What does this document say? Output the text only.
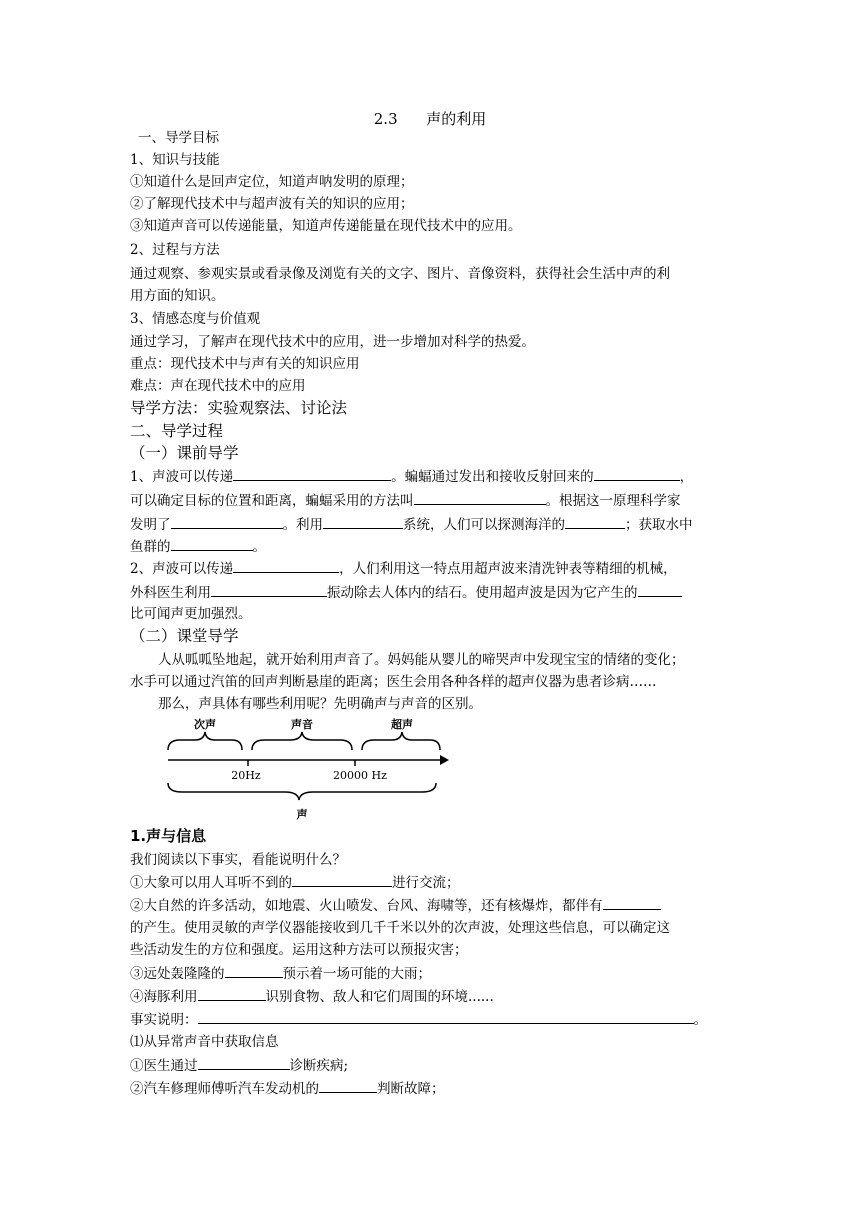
2.3      声的利用
一、导学目标
1、知识与技能
①知道什么是回声定位，知道声呐发明的原理；
②了解现代技术中与超声波有关的知识的应用；
③知道声音可以传递能量，知道声传递能量在现代技术中的应用。
2、过程与方法
通过观察、参观实景或看录像及浏览有关的文字、图片、音像资料，获得社会生活中声的利
用方面的知识。
3、情感态度与价值观
通过学习，了解声在现代技术中的应用，进一步增加对科学的热爱。
重点：现代技术中与声有关的知识应用
难点：声在现代技术中的应用
导学方法：实验观察法、讨论法
二、导学过程
（一）课前导学
1、声波可以传递	。蝙蝠通过发出和接收反射回来的	，
可以确定目标的位置和距离，蝙蝠采用的方法叫	。根据这一原理科学家
发明了	。利用	系统，人们可以探测海洋的	；获取水中
鱼群的	。
2、声波可以传递	，人们利用这一特点用超声波来清洗钟表等精细的机械，
外科医生利用	振动除去人体内的结石。使用超声波是因为它产生的
比可闻声更加强烈。
（二）课堂导学
人从呱呱坠地起，就开始利用声音了。妈妈能从婴儿的啼哭声中发现宝宝的情绪的变化；
水手可以通过汽笛的回声判断悬崖的距离；医生会用各种各样的超声仪器为患者诊病……
那么，声具体有哪些利用呢？先明确声与声音的区别。
次声	声音	超声
20Hz	20000 Hz
声
1.声与信息
我们阅读以下事实，看能说明什么？
①大象可以用人耳听不到的	进行交流；
②大自然的许多活动，如地震、火山喷发、台风、海啸等，还有核爆炸，都伴有
的产生。使用灵敏的声学仪器能接收到几千千米以外的次声波，处理这些信息，可以确定这
些活动发生的方位和强度。运用这种方法可以预报灾害；
③远处轰隆隆的	预示着一场可能的大雨；
④海豚利用	识别食物、敌人和它们周围的环境......
事实说明：	。
⑴从异常声音中获取信息
①医生通过	诊断疾病;
②汽车修理师傅听汽车发动机的	判断故障；
